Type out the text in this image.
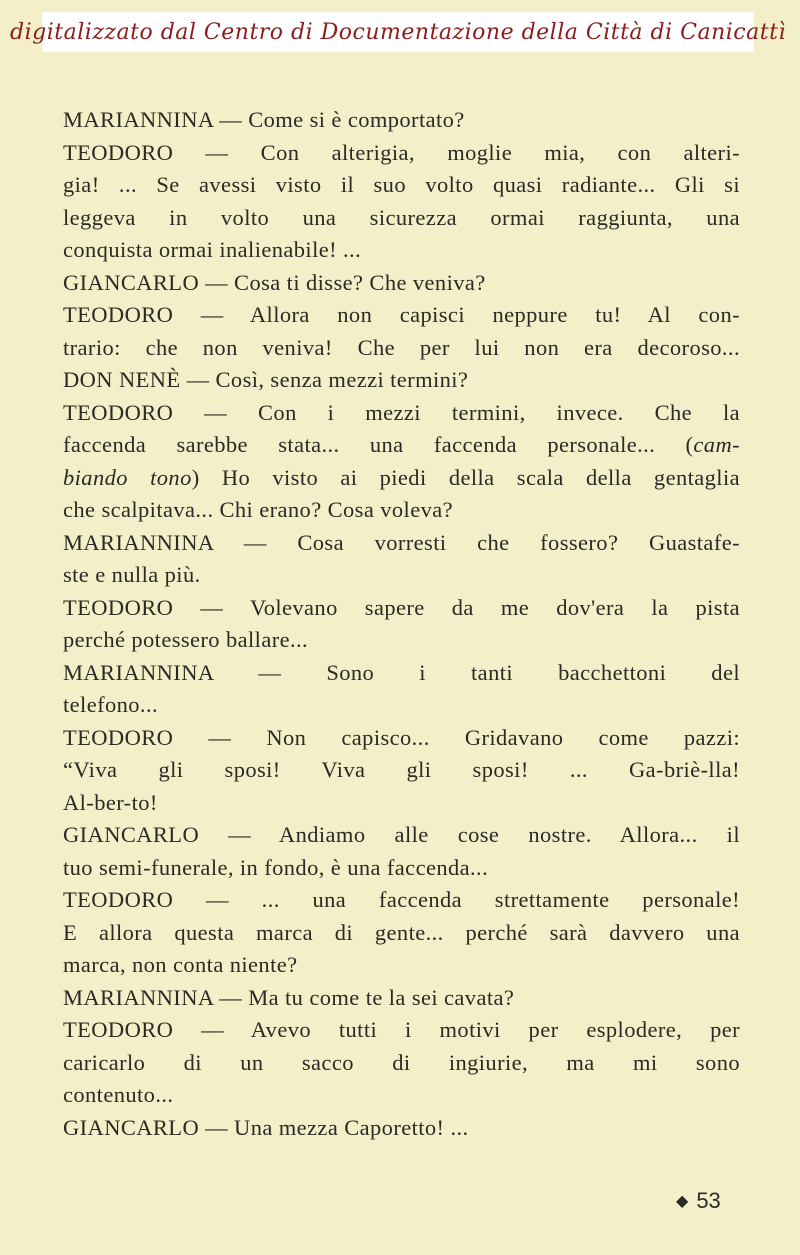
digitalizzato dal Centro di Documentazione della Città di Canicattì
MARIANNINA — Come si è comportato?
TEODORO — Con alterigia, moglie mia, con alteri-
gia! ... Se avessi visto il suo volto quasi radiante... Gli si
leggeva in volto una sicurezza ormai raggiunta, una
conquista ormai inalienabile! ...
GIANCARLO — Cosa ti disse? Che veniva?
TEODORO — Allora non capisci neppure tu! Al con-
trario: che non veniva! Che per lui non era decoroso...
DON NENÈ — Così, senza mezzi termini?
TEODORO — Con i mezzi termini, invece. Che la
faccenda sarebbe stata... una faccenda personale... (cam-
biando tono) Ho visto ai piedi della scala della gentaglia
che scalpitava... Chi erano? Cosa voleva?
MARIANNINA — Cosa vorresti che fossero? Guastafe-
ste e nulla più.
TEODORO — Volevano sapere da me dov'era la pista
perché potessero ballare...
MARIANNINA — Sono i tanti bacchettoni del
telefono...
TEODORO — Non capisco... Gridavano come pazzi:
“Viva gli sposi! Viva gli sposi! ... Ga-briè-lla!
Al-ber-to!
GIANCARLO — Andiamo alle cose nostre. Allora... il
tuo semi-funerale, in fondo, è una faccenda...
TEODORO — ... una faccenda strettamente personale!
E allora questa marca di gente... perché sarà davvero una
marca, non conta niente?
MARIANNINA — Ma tu come te la sei cavata?
TEODORO — Avevo tutti i motivi per esplodere, per
caricarlo di un sacco di ingiurie, ma mi sono
contenuto...
GIANCARLO — Una mezza Caporetto! ...
◆ 53
